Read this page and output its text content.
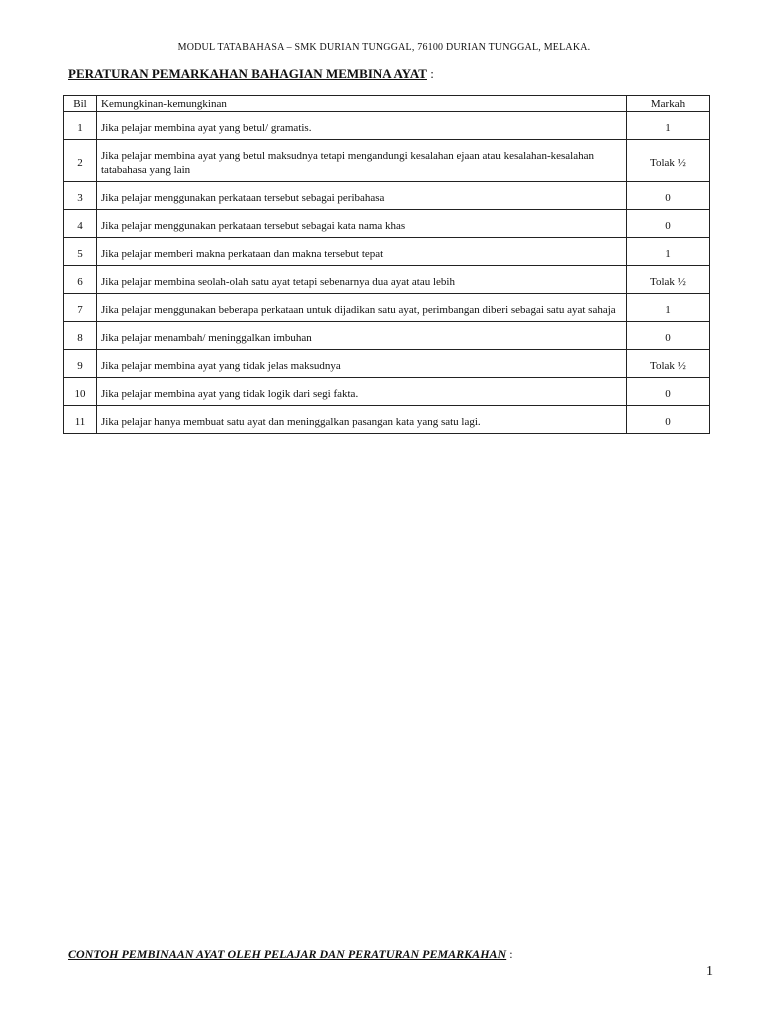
MODUL TATABAHASA – SMK DURIAN TUNGGAL, 76100 DURIAN TUNGGAL, MELAKA.
PERATURAN PEMARKAHAN BAHAGIAN MEMBINA AYAT :
Bil	Kemungkinan-kemungkinan	Markah
1	Jika pelajar membina ayat yang betul/ gramatis.	1
2	Jika pelajar membina ayat yang betul maksudnya tetapi mengandungi kesalahan ejaan atau kesalahan-kesalahan tatabahasa yang lain	Tolak ½
3	Jika pelajar menggunakan perkataan tersebut sebagai peribahasa	0
4	Jika pelajar menggunakan perkataan tersebut sebagai kata nama khas	0
5	Jika pelajar memberi makna perkataan dan makna tersebut tepat	1
6	Jika pelajar membina seolah-olah satu ayat tetapi sebenarnya dua ayat atau lebih	Tolak ½
7	Jika pelajar menggunakan beberapa perkataan untuk dijadikan satu ayat, perimbangan diberi sebagai satu ayat sahaja	1
8	Jika pelajar menambah/ meninggalkan imbuhan	0
9	Jika pelajar membina ayat yang tidak jelas maksudnya	Tolak ½
10	Jika pelajar membina ayat yang tidak logik dari segi fakta.	0
11	Jika pelajar hanya membuat satu ayat dan meninggalkan pasangan kata yang satu lagi.	0
CONTOH PEMBINAAN AYAT OLEH PELAJAR DAN PERATURAN PEMARKAHAN :
1
